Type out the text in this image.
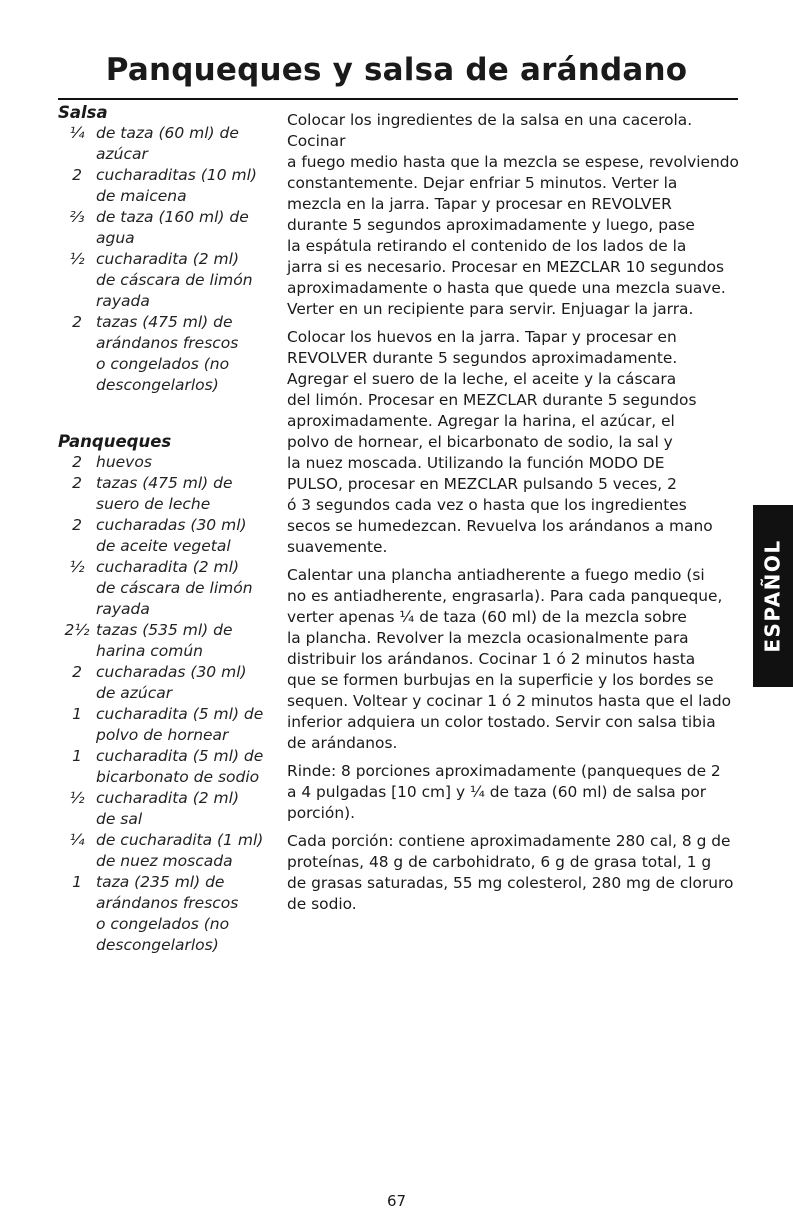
Panqueques y salsa de arándano
Salsa
¼ de taza (60 ml) de
azúcar
2 cucharaditas (10 ml)
de maicena
⅔ de taza (160 ml) de
agua
½ cucharadita (2 ml)
de cáscara de limón
rayada
2 tazas (475 ml) de
arándanos frescos
o congelados (no
descongelarlos)
Panqueques
2 huevos
2 tazas (475 ml) de
suero de leche
2 cucharadas (30 ml)
de aceite vegetal
½ cucharadita (2 ml)
de cáscara de limón
rayada
2½ tazas (535 ml) de
harina común
2 cucharadas (30 ml)
de azúcar
1 cucharadita (5 ml) de
polvo de hornear
1 cucharadita (5 ml) de
bicarbonato de sodio
½ cucharadita (2 ml)
de sal
¼ de cucharadita (1 ml)
de nuez moscada
1 taza (235 ml) de
arándanos frescos
o congelados (no
descongelarlos)

Colocar los ingredientes de la salsa en una cacerola. Cocinar
a fuego medio hasta que la mezcla se espese, revolviendo
constantemente. Dejar enfriar 5 minutos. Verter la
mezcla en la jarra. Tapar y procesar en REVOLVER
durante 5 segundos aproximadamente y luego, pase
la espátula retirando el contenido de los lados de la
jarra si es necesario. Procesar en MEZCLAR 10 segundos
aproximadamente o hasta que quede una mezcla suave.
Verter en un recipiente para servir. Enjuagar la jarra.

Colocar los huevos en la jarra. Tapar y procesar en
REVOLVER durante 5 segundos aproximadamente.
Agregar el suero de la leche, el aceite y la cáscara
del limón. Procesar en MEZCLAR durante 5 segundos
aproximadamente. Agregar la harina, el azúcar, el
polvo de hornear, el bicarbonato de sodio, la sal y
la nuez moscada. Utilizando la función MODO DE
PULSO, procesar en MEZCLAR pulsando 5 veces, 2
ó 3 segundos cada vez o hasta que los ingredientes
secos se humedezcan. Revuelva los arándanos a mano
suavemente.

Calentar una plancha antiadherente a fuego medio (si
no es antiadherente, engrasarla). Para cada panqueque,
verter apenas ¼ de taza (60 ml) de la mezcla sobre
la plancha. Revolver la mezcla ocasionalmente para
distribuir los arándanos. Cocinar 1 ó 2 minutos hasta
que se formen burbujas en la superficie y los bordes se
sequen. Voltear y cocinar 1 ó 2 minutos hasta que el lado
inferior adquiera un color tostado. Servir con salsa tibia
de arándanos.

Rinde: 8 porciones aproximadamente (panqueques de 2
a 4 pulgadas [10 cm] y ¼ de taza (60 ml) de salsa por
porción).

Cada porción: contiene aproximadamente 280 cal, 8 g de
proteínas, 48 g de carbohidrato, 6 g de grasa total, 1 g
de grasas saturadas, 55 mg colesterol, 280 mg de cloruro
de sodio.

ESPAÑOL
67
